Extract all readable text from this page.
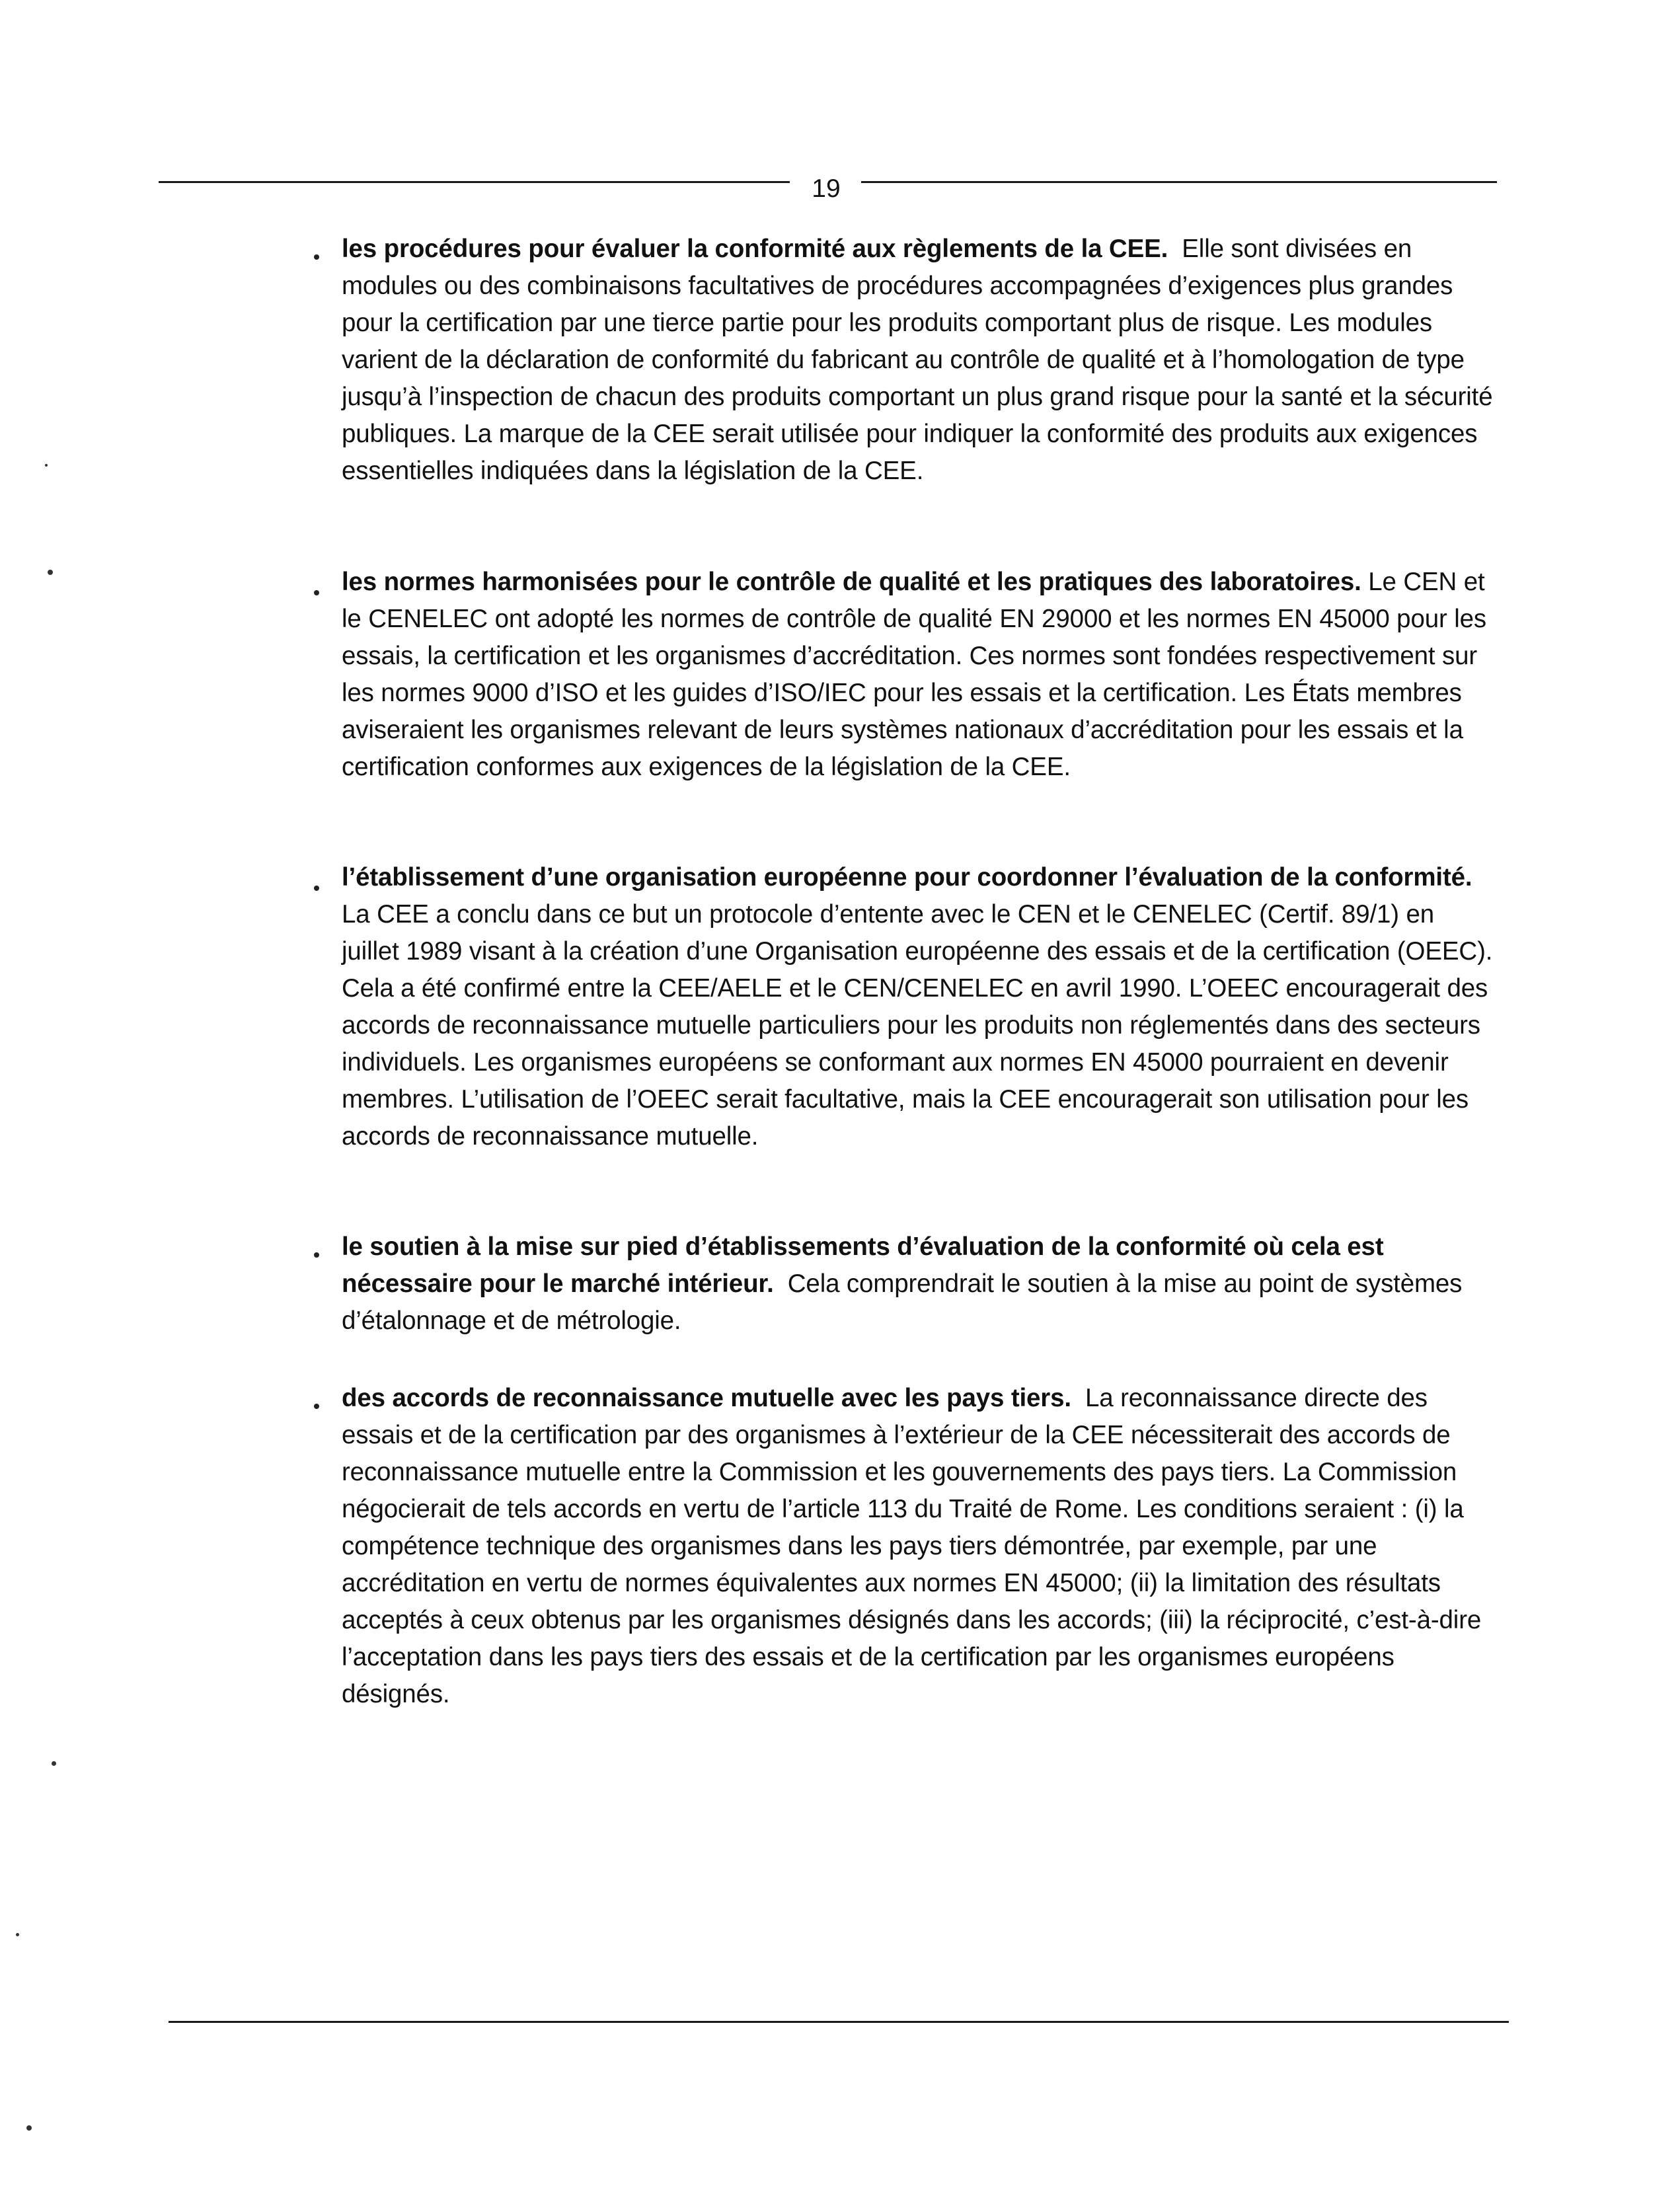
19

les procédures pour évaluer la conformité aux règlements de la CEE. Elle sont divisées en modules ou des combinaisons facultatives de procédures accompagnées d’exigences plus grandes pour la certification par une tierce partie pour les produits comportant plus de risque. Les modules varient de la déclaration de conformité du fabricant au contrôle de qualité et à l’homologation de type jusqu’à l’inspection de chacun des produits comportant un plus grand risque pour la santé et la sécurité publiques. La marque de la CEE serait utilisée pour indiquer la conformité des produits aux exigences essentielles indiquées dans la législation de la CEE.

les normes harmonisées pour le contrôle de qualité et les pratiques des laboratoires. Le CEN et le CENELEC ont adopté les normes de contrôle de qualité EN 29000 et les normes EN 45000 pour les essais, la certification et les organismes d’accréditation. Ces normes sont fondées respectivement sur les normes 9000 d’ISO et les guides d’ISO/IEC pour les essais et la certification. Les États membres aviseraient les organismes relevant de leurs systèmes nationaux d’accréditation pour les essais et la certification conformes aux exigences de la législation de la CEE.

l’établissement d’une organisation européenne pour coordonner l’évaluation de la conformité.  La CEE a conclu dans ce but un protocole d’entente avec le CEN et le CENELEC (Certif. 89/1) en juillet 1989 visant à la création d’une Organisation européenne des essais et de la certification (OEEC). Cela a été confirmé entre la CEE/AELE et le CEN/CENELEC en avril 1990. L’OEEC encouragerait des accords de reconnaissance mutuelle particuliers pour les produits non réglementés dans des secteurs individuels. Les organismes européens se conformant aux normes EN 45000 pourraient en devenir membres. L’utilisation de l’OEEC serait facultative, mais la CEE encouragerait son utilisation pour les accords de reconnaissance mutuelle.

le soutien à la mise sur pied d’établissements d’évaluation de la conformité où cela est nécessaire pour le marché intérieur. Cela comprendrait le soutien à la mise au point de systèmes d’étalonnage et de métrologie.

des accords de reconnaissance mutuelle avec les pays tiers. La reconnaissance directe des essais et de la certification par des organismes à l’extérieur de la CEE nécessiterait des accords de reconnaissance mutuelle entre la Commission et les gouvernements des pays tiers. La Commission négocierait de tels accords en vertu de l’article 113 du Traité de Rome. Les conditions seraient : (i) la compétence technique des organismes dans les pays tiers démontrée, par exemple, par une accréditation en vertu de normes équivalentes aux normes EN 45000; (ii) la limitation des résultats acceptés à ceux obtenus par les organismes désignés dans les accords; (iii) la réciprocité, c’est-à-dire l’acceptation dans les pays tiers des essais et de la certification par les organismes européens désignés.
